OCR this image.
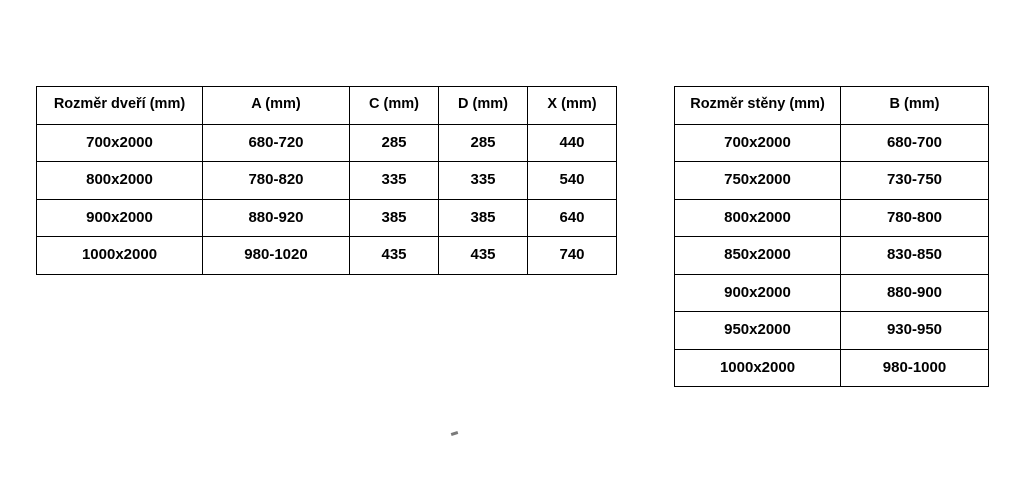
Rozměr dveří (mm)	A (mm)	C (mm)	D (mm)	X (mm)
700x2000	680-720	285	285	440
800x2000	780-820	335	335	540
900x2000	880-920	385	385	640
1000x2000	980-1020	435	435	740
Rozměr stěny (mm)	B (mm)
700x2000	680-700
750x2000	730-750
800x2000	780-800
850x2000	830-850
900x2000	880-900
950x2000	930-950
1000x2000	980-1000
